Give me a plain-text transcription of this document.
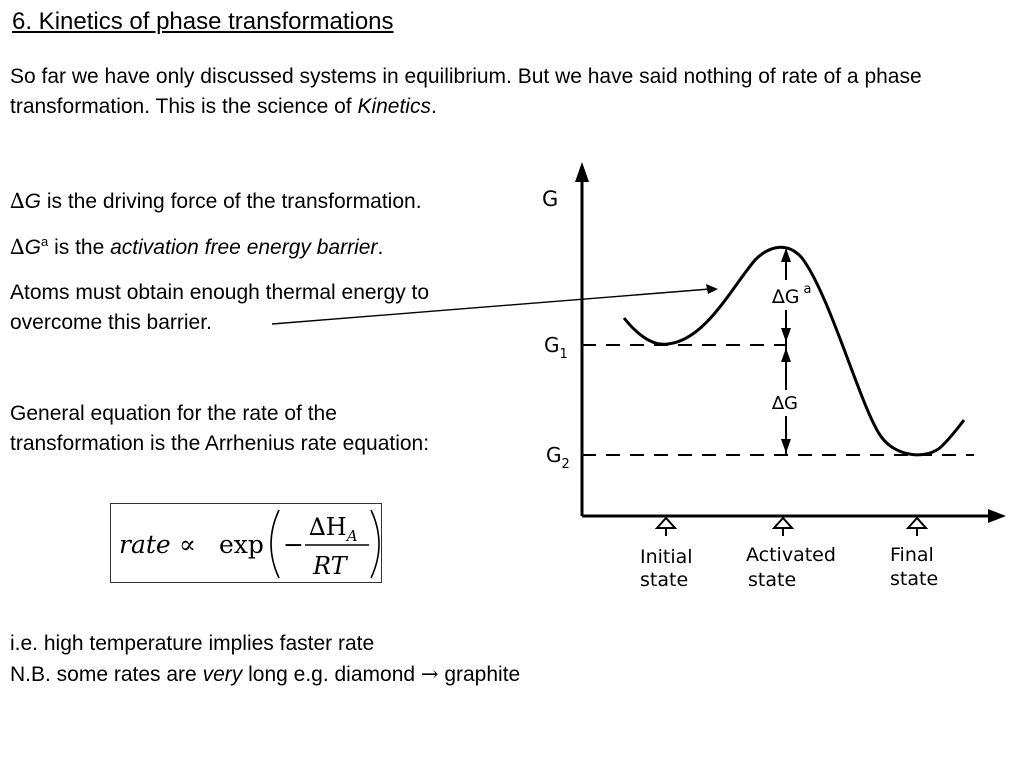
6. Kinetics of phase transformations
So far we have only discussed systems in equilibrium. But we have said nothing of rate of a phase transformation. This is the science of Kinetics.
∆G is the driving force of the transformation.
$\Delta G^a$ is the activation free energy barrier.
Atoms must obtain enough thermal energy to
overcome this barrier.
General equation for the rate of the transformation is the Arrhenius rate equation:
rate ∝ exp −
$\Delta H_A$
RT
i.e. high temperature implies faster rate
N.B. some rates are very long e.g. diamond → graphite
G
$G_1$
$G_2$
∆G $^a$
∆G
Initial
state
Activated
state
Final
state
